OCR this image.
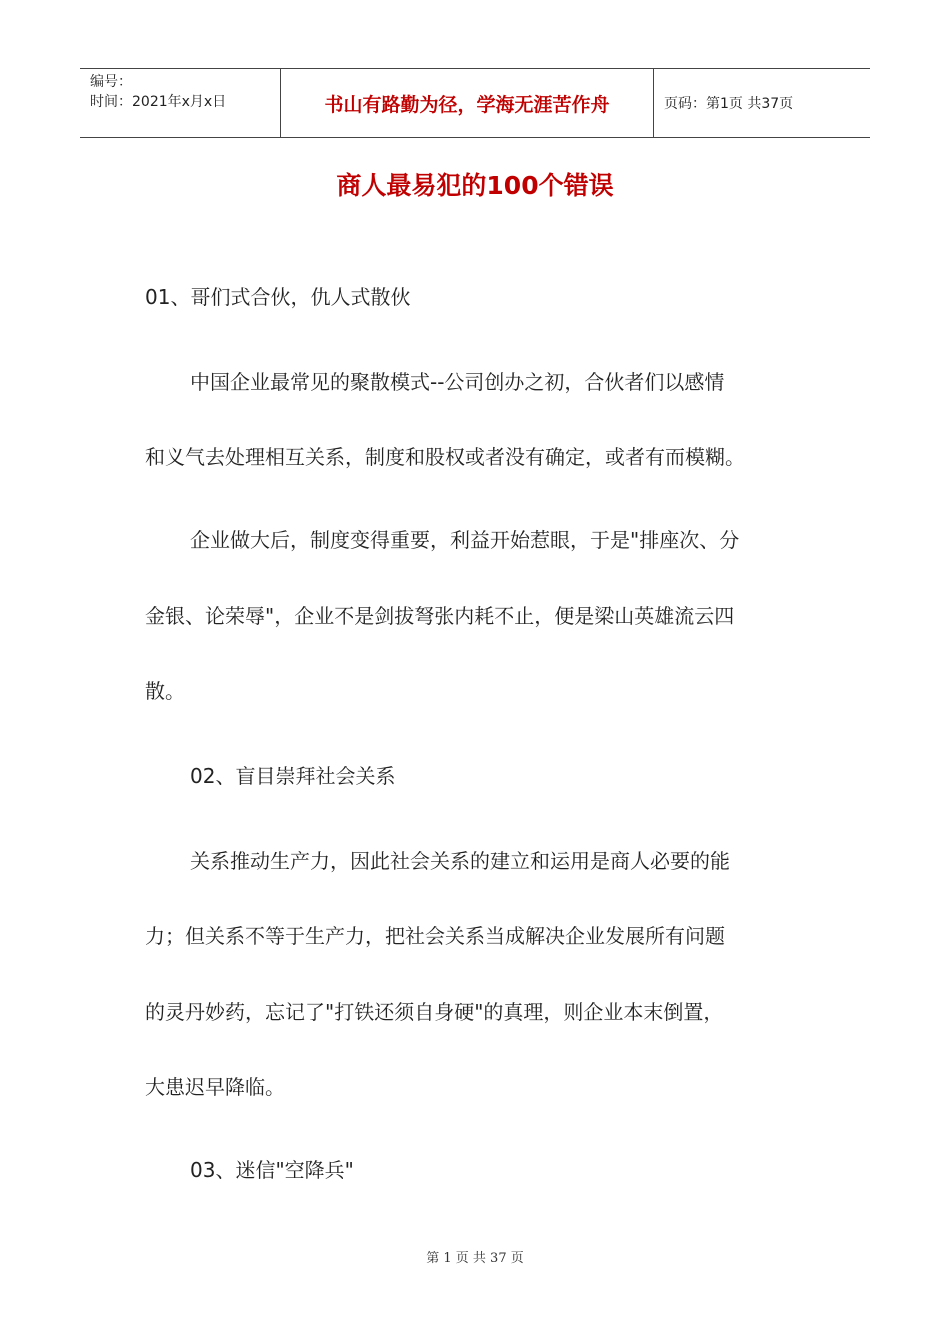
编号：
时间：2021年x月x日	书山有路勤为径，学海无涯苦作舟	页码：第1页 共37页
商人最易犯的100个错误
01、哥们式合伙，仇人式散伙
中国企业最常见的聚散模式--公司创办之初，合伙者们以感情
和义气去处理相互关系，制度和股权或者没有确定，或者有而模糊。
企业做大后，制度变得重要，利益开始惹眼，于是"排座次、分
金银、论荣辱"，企业不是剑拔弩张内耗不止，便是梁山英雄流云四
散。
02、盲目崇拜社会关系
关系推动生产力，因此社会关系的建立和运用是商人必要的能
力；但关系不等于生产力，把社会关系当成解决企业发展所有问题
的灵丹妙药，忘记了"打铁还须自身硬"的真理，则企业本末倒置，
大患迟早降临。
03、迷信"空降兵"
第 1 页 共 37 页
